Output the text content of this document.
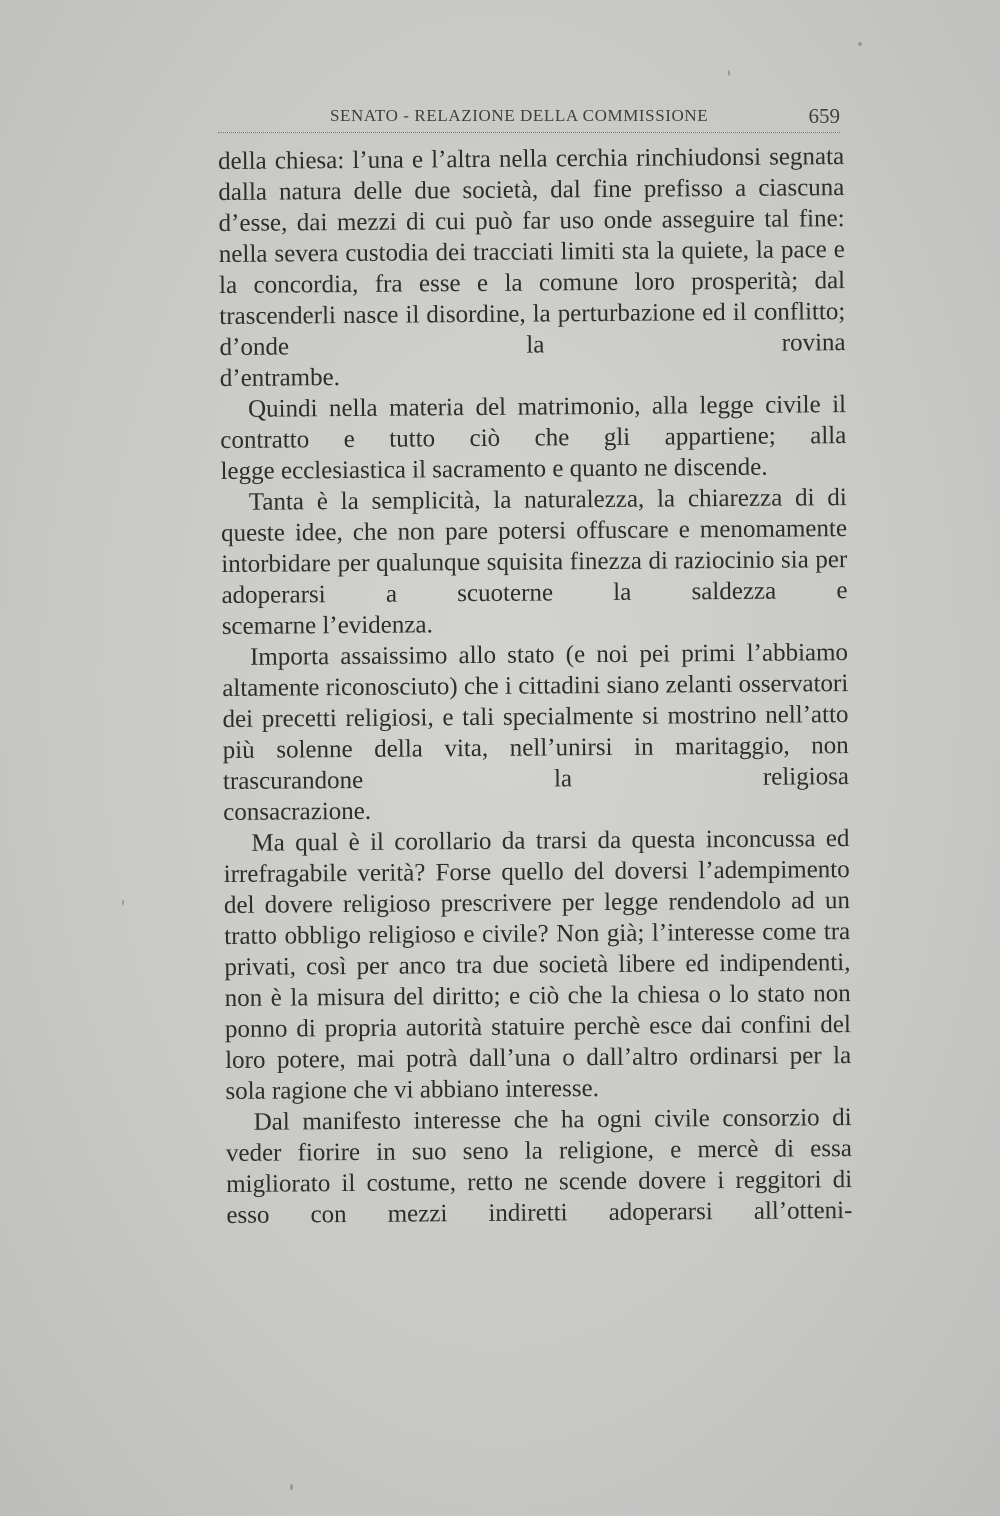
SENATO - RELAZIONE DELLA COMMISSIONE	659

della chiesa: l’una e l’altra nella cerchia rinchiudonsi segnata dalla natura delle due società, dal fine prefisso a ciascuna d’esse, dai mezzi di cui può far uso onde asseguire tal fine: nella severa custodia dei tracciati limiti sta la quiete, la pace e la concordia, fra esse e la comune loro prosperità; dal trascenderli nasce il disordine, la perturbazione ed il conflitto; d’onde la rovina
d’entrambe.

Quindi nella materia del matrimonio, alla legge civile il contratto e tutto ciò che gli appartiene; alla
legge ecclesiastica il sacramento e quanto ne discende.

Tanta è la semplicità, la naturalezza, la chiarezza di di queste idee, che non pare potersi offuscare e menomamente intorbidare per qualunque squisita finezza di raziocinio sia per adoperarsi a scuoterne la saldezza e
scemarne l’evidenza.

Importa assaissimo allo stato (e noi pei primi l’abbiamo altamente riconosciuto) che i cittadini siano zelanti osservatori dei precetti religiosi, e tali specialmente si mostrino nell’atto più solenne della vita, nell’unirsi in maritaggio, non trascurandone la religiosa
consacrazione.

Ma qual è il corollario da trarsi da questa inconcussa ed irrefragabile verità? Forse quello del doversi l’adempimento del dovere religioso prescrivere per legge rendendolo ad un tratto obbligo religioso e civile? Non già; l’interesse come tra privati, così per anco tra due società libere ed indipendenti, non è la misura del diritto; e ciò che la chiesa o lo stato non ponno di propria autorità statuire perchè esce dai confini del loro potere, mai potrà dall’una o dall’altro ordinarsi per la
sola ragione che vi abbiano interesse.

Dal manifesto interesse che ha ogni civile consorzio di veder fiorire in suo seno la religione, e mercè di essa migliorato il costume, retto ne scende dovere i reggitori di esso con mezzi indiretti adoperarsi all’otteni-
